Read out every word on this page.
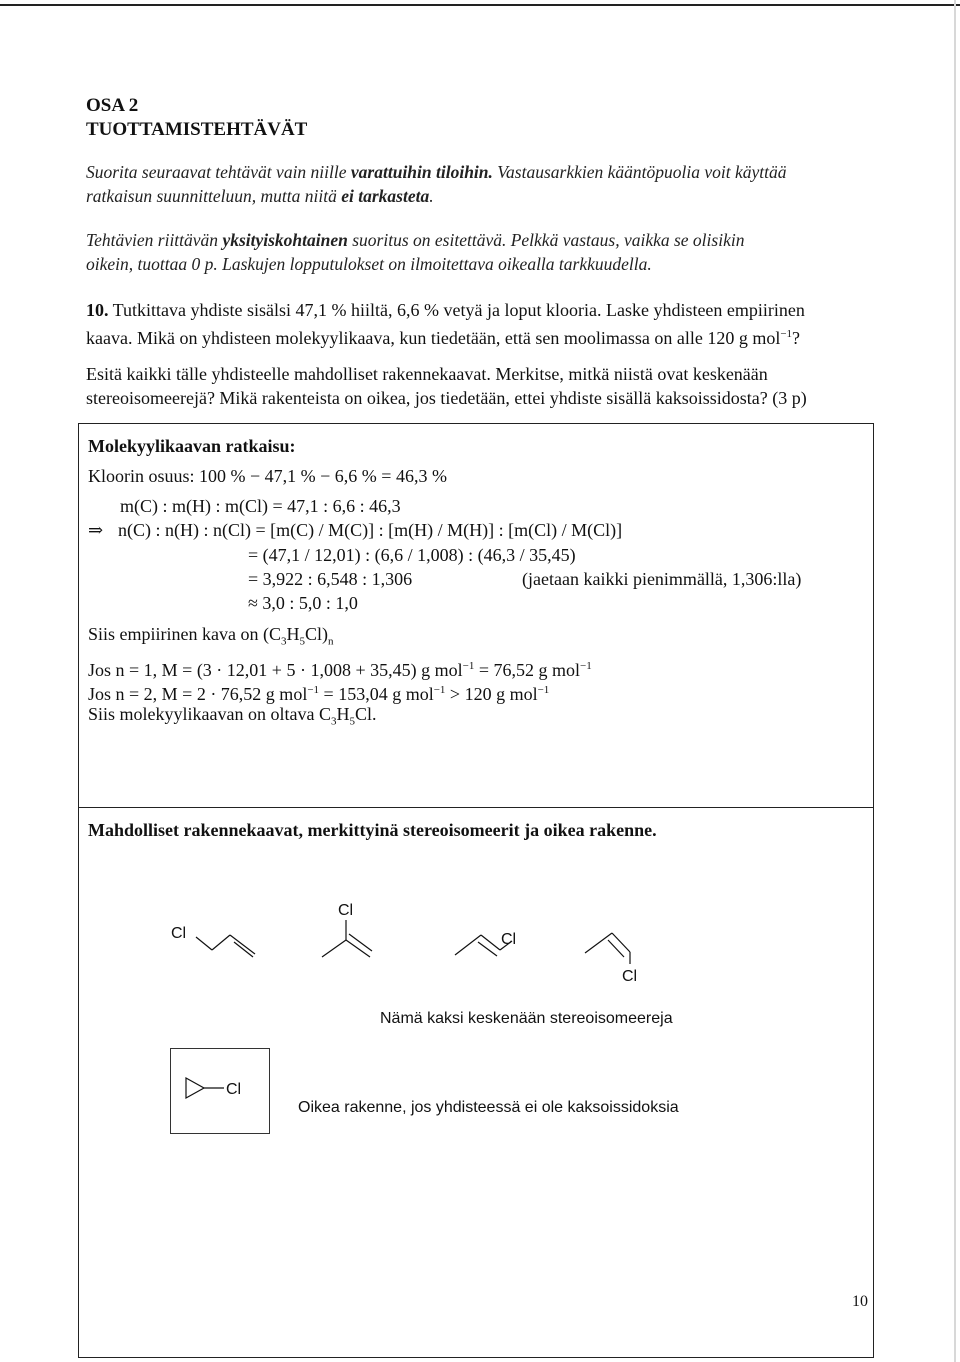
OSA 2
TUOTTAMISTEHTÄVÄT
Suorita seuraavat tehtävät vain niille varattuihin tiloihin. Vastausarkkien kääntöpuolia voit käyttää
ratkaisun suunnitteluun, mutta niitä ei tarkasteta.
Tehtävien riittävän yksityiskohtainen suoritus on esitettävä. Pelkkä vastaus, vaikka se olisikin
oikein, tuottaa 0 p. Laskujen lopputulokset on ilmoitettava oikealla tarkkuudella.
10. Tutkittava yhdiste sisälsi 47,1 % hiiltä, 6,6 % vetyä ja loput klooria. Laske yhdisteen empiirinen
kaava. Mikä on yhdisteen molekyylikaava, kun tiedetään, että sen moolimassa on alle 120 g mol$^{-1}$?
Esitä kaikki tälle yhdisteelle mahdolliset rakennekaavat. Merkitse, mitkä niistä ovat keskenään
stereoisomeerejä? Mikä rakenteista on oikea, jos tiedetään, ettei yhdiste sisällä kaksoissidosta? (3 p)
Molekyylikaavan ratkaisu:
Kloorin osuus: 100 % − 47,1 % − 6,6 % = 46,3 %
m(C) : m(H) : m(Cl) = 47,1 : 6,6 : 46,3
⇒ n(C) : n(H) : n(Cl) = [m(C) / M(C)] : [m(H) / M(H)] : [m(Cl) / M(Cl)]
= (47,1 / 12,01) : (6,6 / 1,008) : (46,3 / 35,45)
= 3,922 : 6,548 : 1,306	(jaetaan kaikki pienimmällä, 1,306:lla)
≈ 3,0 : 5,0 : 1,0
Siis empiirinen kava on $(C_3H_5Cl)_n$
Jos n = 1, M = (3 · 12,01 + 5 · 1,008 + 35,45) g mol$^{-1}$ = 76,52 g mol$^{-1}$
Jos n = 2, M = 2 · 76,52 g mol$^{-1}$ = 153,04 g mol$^{-1}$ > 120 g mol$^{-1}$
Siis molekyylikaavan on oltava $C_3H_5Cl$.
Mahdolliset rakennekaavat, merkittyinä stereoisomeerit ja oikea rakenne.
Cl
Cl
Cl
Cl
Cl
Nämä kaksi keskenään stereoisomeereja
Oikea rakenne, jos yhdisteessä ei ole kaksoissidoksia
10
